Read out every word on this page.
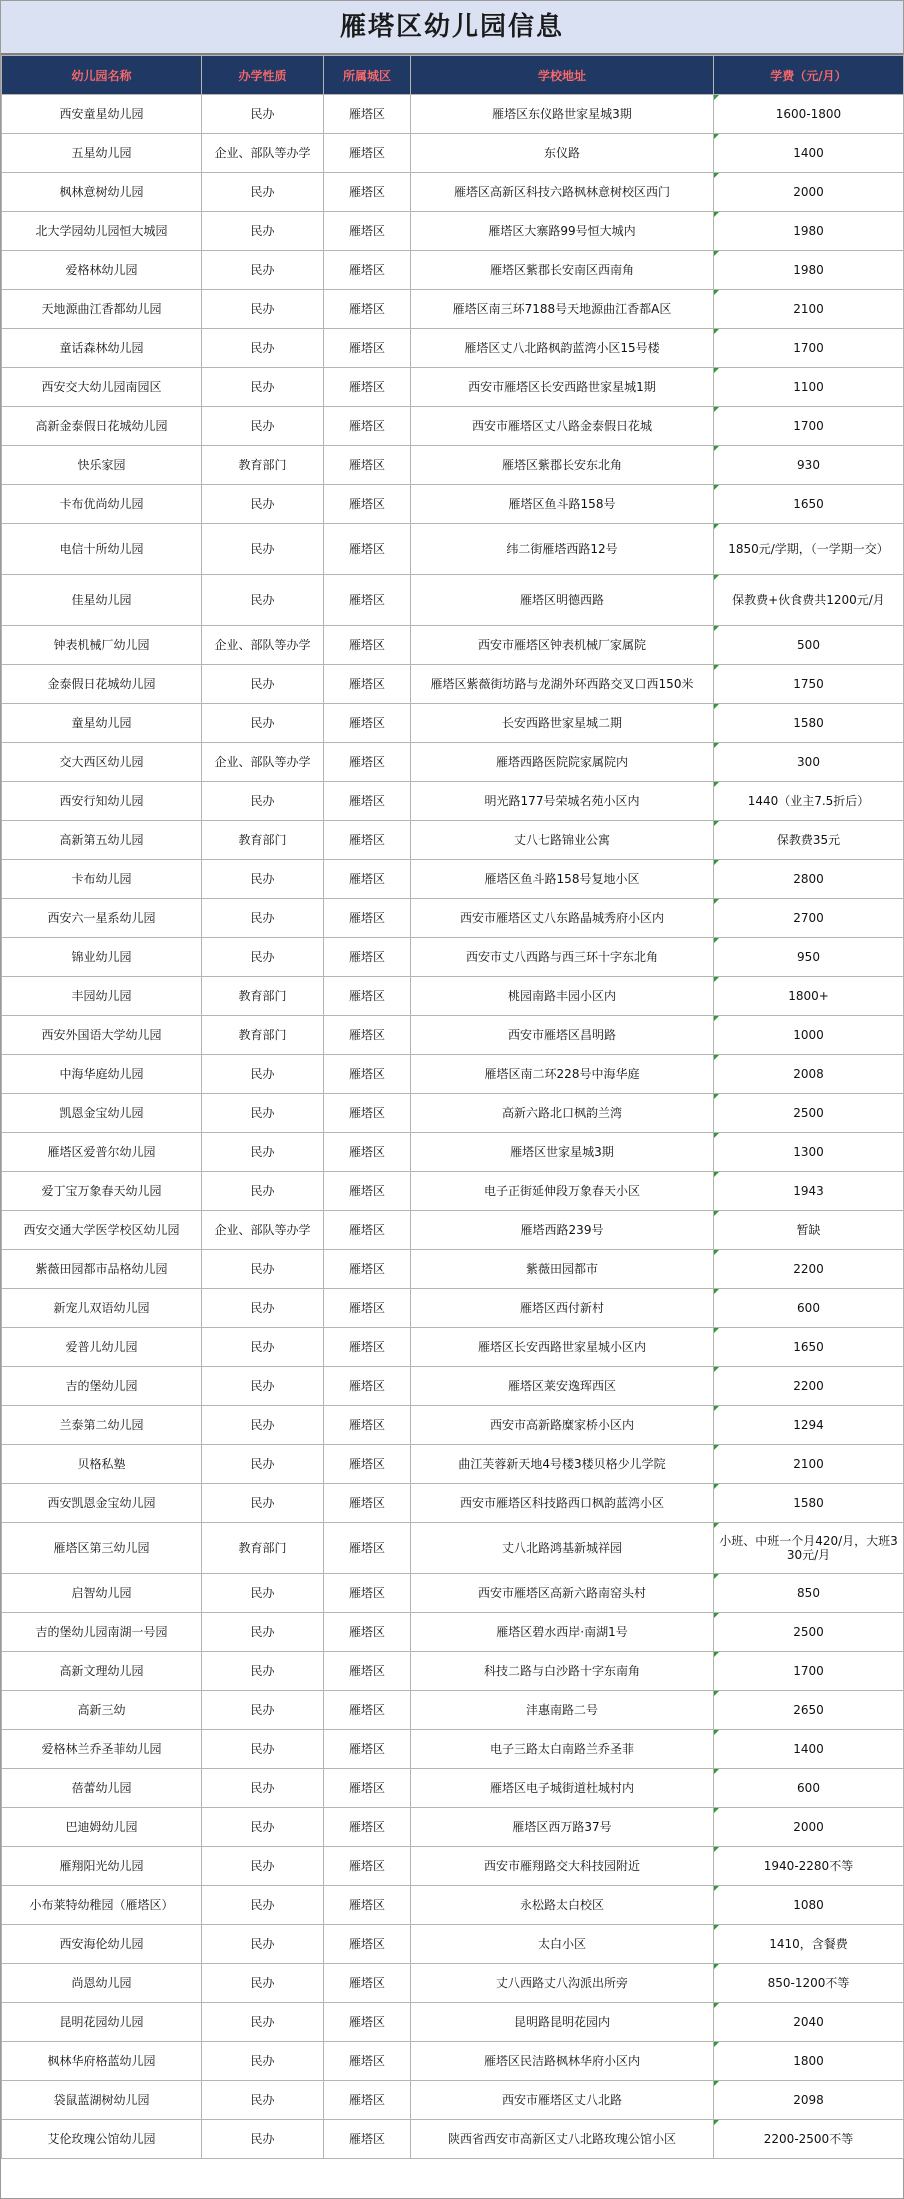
雁塔区幼儿园信息
幼儿园名称	办学性质	所属城区	学校地址	学费（元/月）
西安童星幼儿园	民办	雁塔区	雁塔区东仪路世家星城3期	1600-1800
五星幼儿园	企业、部队等办学	雁塔区	东仪路	1400
枫林意树幼儿园	民办	雁塔区	雁塔区高新区科技六路枫林意树校区西门	2000
北大学园幼儿园恒大城园	民办	雁塔区	雁塔区大寨路99号恒大城内	1980
爱格林幼儿园	民办	雁塔区	雁塔区紫郡长安南区西南角	1980
天地源曲江香都幼儿园	民办	雁塔区	雁塔区南三环7188号天地源曲江香都A区	2100
童话森林幼儿园	民办	雁塔区	雁塔区丈八北路枫韵蓝湾小区15号楼	1700
西安交大幼儿园南园区	民办	雁塔区	西安市雁塔区长安西路世家星城1期	1100
高新金泰假日花城幼儿园	民办	雁塔区	西安市雁塔区丈八路金泰假日花城	1700
快乐家园	教育部门	雁塔区	雁塔区紫郡长安东北角	930
卡布优尚幼儿园	民办	雁塔区	雁塔区鱼斗路158号	1650
电信十所幼儿园	民办	雁塔区	纬二街雁塔西路12号	1850元/学期，（一学期一交）
佳星幼儿园	民办	雁塔区	雁塔区明德西路	保教费+伙食费共1200元/月
钟表机械厂幼儿园	企业、部队等办学	雁塔区	西安市雁塔区钟表机械厂家属院	500
金泰假日花城幼儿园	民办	雁塔区	雁塔区紫薇街坊路与龙湖外环西路交叉口西150米	1750
童星幼儿园	民办	雁塔区	长安西路世家星城二期	1580
交大西区幼儿园	企业、部队等办学	雁塔区	雁塔西路医院院家属院内	300
西安行知幼儿园	民办	雁塔区	明光路177号荣城名苑小区内	1440（业主7.5折后）
高新第五幼儿园	教育部门	雁塔区	丈八七路锦业公寓	保教费35元
卡布幼儿园	民办	雁塔区	雁塔区鱼斗路158号复地小区	2800
西安六一星系幼儿园	民办	雁塔区	西安市雁塔区丈八东路晶城秀府小区内	2700
锦业幼儿园	民办	雁塔区	西安市丈八西路与西三环十字东北角	950
丰园幼儿园	教育部门	雁塔区	桃园南路丰园小区内	1800+
西安外国语大学幼儿园	教育部门	雁塔区	西安市雁塔区昌明路	1000
中海华庭幼儿园	民办	雁塔区	雁塔区南二环228号中海华庭	2008
凯恩金宝幼儿园	民办	雁塔区	高新六路北口枫韵兰湾	2500
雁塔区爱普尔幼儿园	民办	雁塔区	雁塔区世家星城3期	1300
爱丁宝万象春天幼儿园	民办	雁塔区	电子正街延伸段万象春天小区	1943
西安交通大学医学校区幼儿园	企业、部队等办学	雁塔区	雁塔西路239号	暂缺
紫薇田园都市品格幼儿园	民办	雁塔区	紫薇田园都市	2200
新宠儿双语幼儿园	民办	雁塔区	雁塔区西付新村	600
爱普儿幼儿园	民办	雁塔区	雁塔区长安西路世家星城小区内	1650
吉的堡幼儿园	民办	雁塔区	雁塔区莱安逸珲西区	2200
兰泰第二幼儿园	民办	雁塔区	西安市高新路糜家桥小区内	1294
贝格私塾	民办	雁塔区	曲江芙蓉新天地4号楼3楼贝格少儿学院	2100
西安凯恩金宝幼儿园	民办	雁塔区	西安市雁塔区科技路西口枫韵蓝湾小区	1580
雁塔区第三幼儿园	教育部门	雁塔区	丈八北路鸿基新城祥园	小班、中班一个月420/月，大班330元/月
启智幼儿园	民办	雁塔区	西安市雁塔区高新六路南窑头村	850
吉的堡幼儿园南湖一号园	民办	雁塔区	雁塔区碧水西岸·南湖1号	2500
高新文理幼儿园	民办	雁塔区	科技二路与白沙路十字东南角	1700
高新三幼	民办	雁塔区	沣惠南路二号	2650
爱格林兰乔圣菲幼儿园	民办	雁塔区	电子三路太白南路兰乔圣菲	1400
蓓蕾幼儿园	民办	雁塔区	雁塔区电子城街道杜城村内	600
巴迪姆幼儿园	民办	雁塔区	雁塔区西万路37号	2000
雁翔阳光幼儿园	民办	雁塔区	西安市雁翔路交大科技园附近	1940-2280不等
小布莱特幼稚园（雁塔区）	民办	雁塔区	永松路太白校区	1080
西安海伦幼儿园	民办	雁塔区	太白小区	1410，含餐费
尚恩幼儿园	民办	雁塔区	丈八西路丈八沟派出所旁	850-1200不等
昆明花园幼儿园	民办	雁塔区	昆明路昆明花园内	2040
枫林华府格蓝幼儿园	民办	雁塔区	雁塔区民洁路枫林华府小区内	1800
袋鼠蓝湖树幼儿园	民办	雁塔区	西安市雁塔区丈八北路	2098
艾伦玫瑰公馆幼儿园	民办	雁塔区	陕西省西安市高新区丈八北路玫瑰公馆小区	2200-2500不等
